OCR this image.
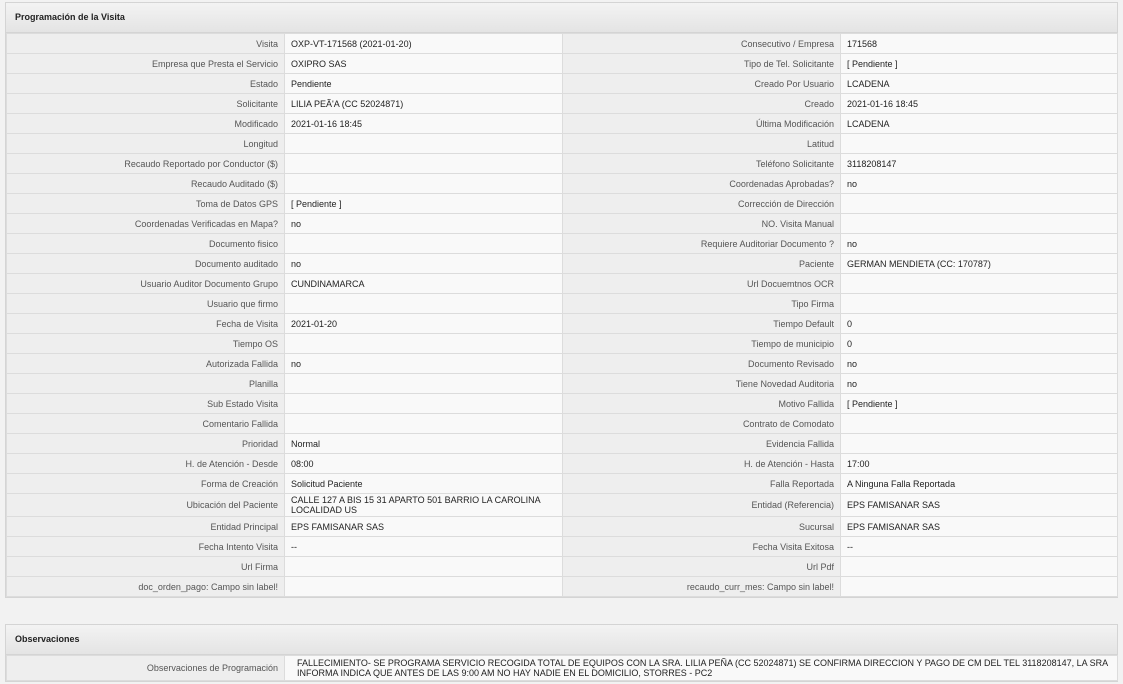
Programación de la Visita
Visita	OXP-VT-171568 (2021-01-20)	Consecutivo / Empresa	171568
Empresa que Presta el Servicio	OXIPRO SAS	Tipo de Tel. Solicitante	[ Pendiente ]
Estado	Pendiente	Creado Por Usuario	LCADENA
Solicitante	LILIA PEÃ'A (CC 52024871)	Creado	2021-01-16 18:45
Modificado	2021-01-16 18:45	Última Modificación	LCADENA
Longitud		Latitud	
Recaudo Reportado por Conductor ($)		Teléfono Solicitante	3118208147
Recaudo Auditado ($)		Coordenadas Aprobadas?	no
Toma de Datos GPS	[ Pendiente ]	Corrección de Dirección	
Coordenadas Verificadas en Mapa?	no	NO. Visita Manual	
Documento fisico		Requiere Auditoriar Documento ?	no
Documento auditado	no	Paciente	GERMAN MENDIETA (CC: 170787)
Usuario Auditor Documento Grupo	CUNDINAMARCA	Url Docuemtnos OCR	
Usuario que firmo		Tipo Firma	
Fecha de Visita	2021-01-20	Tiempo Default	0
Tiempo OS		Tiempo de municipio	0
Autorizada Fallida	no	Documento Revisado	no
Planilla		Tiene Novedad Auditoria	no
Sub Estado Visita		Motivo Fallida	[ Pendiente ]
Comentario Fallida		Contrato de Comodato	
Prioridad	Normal	Evidencia Fallida	
H. de Atención - Desde	08:00	H. de Atención - Hasta	17:00
Forma de Creación	Solicitud Paciente	Falla Reportada	A Ninguna Falla Reportada
Ubicación del Paciente	CALLE 127 A BIS 15 31 APARTO 501 BARRIO LA CAROLINA LOCALIDAD US	Entidad (Referencia)	EPS FAMISANAR SAS
Entidad Principal	EPS FAMISANAR SAS	Sucursal	EPS FAMISANAR SAS
Fecha Intento Visita	--	Fecha Visita Exitosa	--
Url Firma		Url Pdf	
doc_orden_pago: Campo sin label!		recaudo_curr_mes: Campo sin label!	
Observaciones
Observaciones de Programación	FALLECIMIENTO- SE PROGRAMA SERVICIO RECOGIDA TOTAL DE EQUIPOS CON LA SRA. LILIA PEÑA (CC 52024871) SE CONFIRMA DIRECCION Y PAGO DE CM DEL TEL 3118208147, LA SRA INFORMA INDICA QUE ANTES DE LAS 9:00 AM NO HAY NADIE EN EL DOMICILIO, STORRES - PC2
